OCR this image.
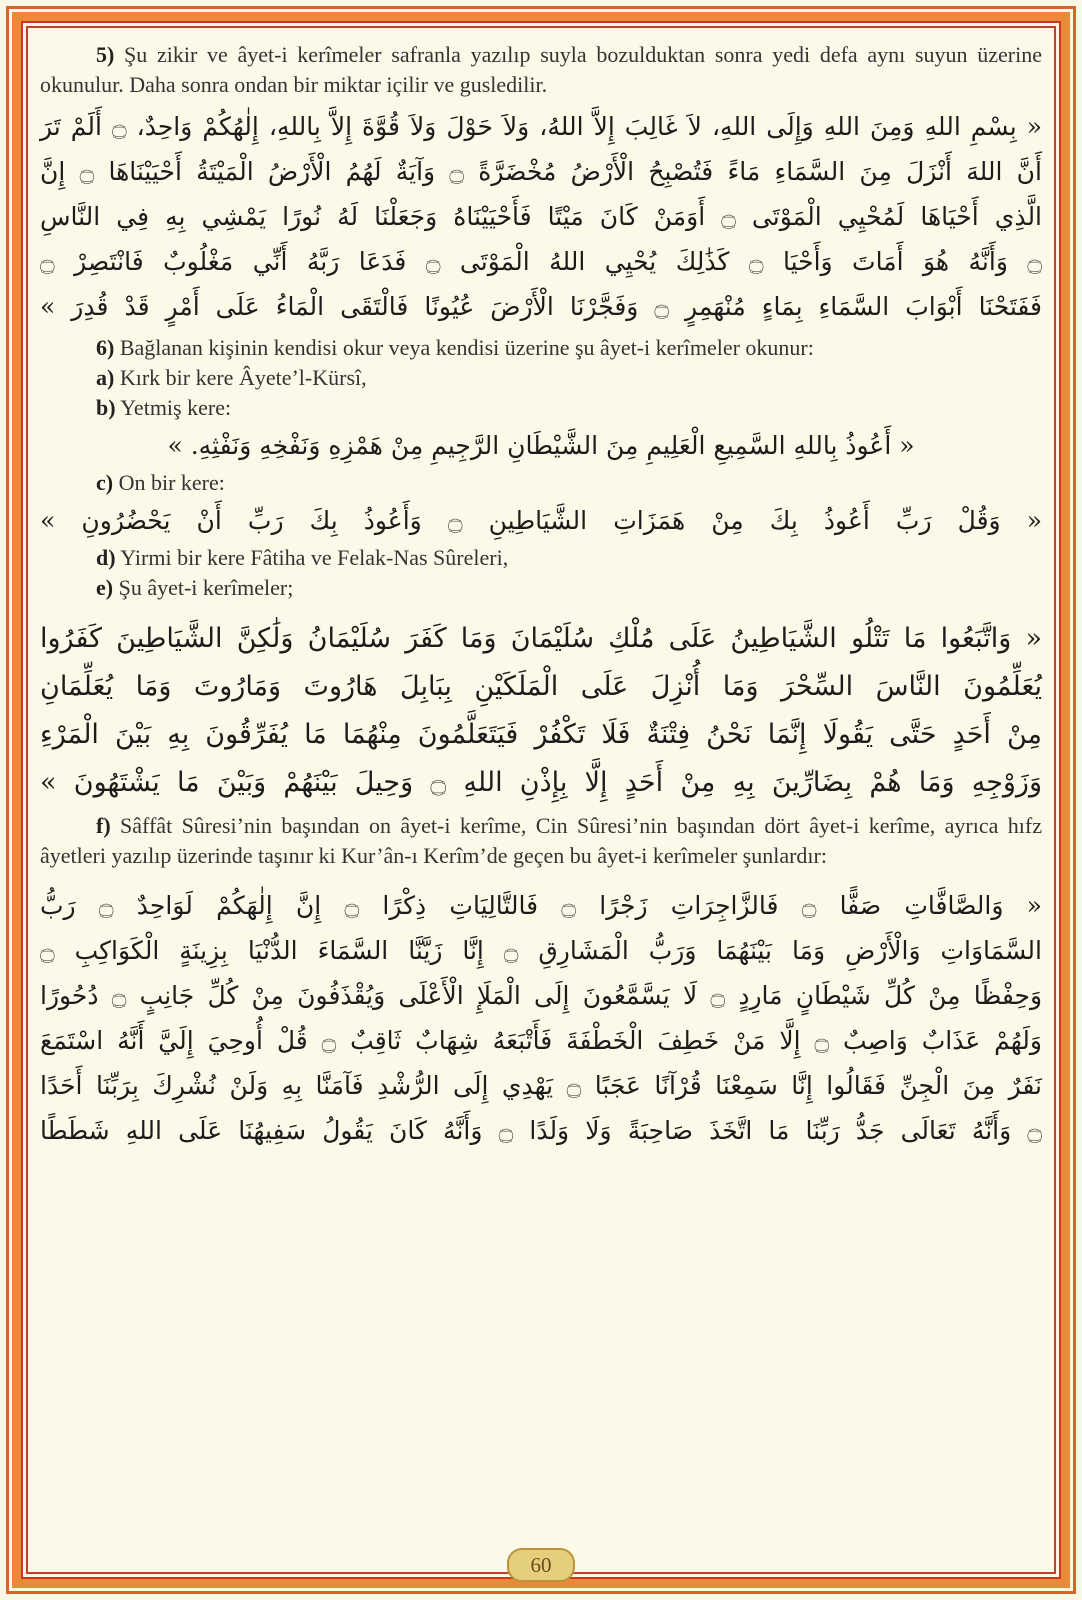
5) Şu zikir ve âyet-i kerîmeler safranla yazılıp suyla bozulduktan sonra yedi defa aynı suyun üzerine okunulur. Daha sonra ondan bir miktar içilir ve gusledilir.
« بِسْمِ اللهِ وَمِنَ اللهِ وَإِلَى اللهِ، لاَ غَالِبَ إِلاَّ اللهُ، وَلاَ حَوْلَ وَلاَ قُوَّةَ إِلاَّ بِاللهِ، إِلٰهُكُمْ وَاحِدٌ، ۝ أَلَمْ تَرَ
أَنَّ اللهَ أَنْزَلَ مِنَ السَّمَاءِ مَاءً فَتُصْبِحُ الْأَرْضُ مُخْضَرَّةً ۝ وَآيَةٌ لَهُمُ الْأَرْضُ الْمَيْتَةُ أَحْيَيْنَاهَا ۝ إِنَّ
الَّذِي أَحْيَاهَا لَمُحْيِي الْمَوْتَى ۝ أَوَمَنْ كَانَ مَيْتًا فَأَحْيَيْنَاهُ وَجَعَلْنَا لَهُ نُورًا يَمْشِي بِهِ فِي النَّاسِ
۝ وَأَنَّهُ هُوَ أَمَاتَ وَأَحْيَا ۝ كَذَٰلِكَ يُحْيِي اللهُ الْمَوْتَى ۝ فَدَعَا رَبَّهُ أَنِّي مَغْلُوبٌ فَانْتَصِرْ ۝
فَفَتَحْنَا أَبْوَابَ السَّمَاءِ بِمَاءٍ مُنْهَمِرٍ ۝ وَفَجَّرْنَا الْأَرْضَ عُيُونًا فَالْتَقَى الْمَاءُ عَلَى أَمْرٍ قَدْ قُدِرَ »
6) Bağlanan kişinin kendisi okur veya kendisi üzerine şu âyet-i kerîmeler okunur:
a) Kırk bir kere Âyete’l-Kürsî,
b) Yetmiş kere:
« أَعُوذُ بِاللهِ السَّمِيعِ الْعَلِيمِ مِنَ الشَّيْطَانِ الرَّجِيمِ مِنْ هَمْزِهِ وَنَفْخِهِ وَنَفْثِهِ. »
c) On bir kere:
« وَقُلْ رَبِّ أَعُوذُ بِكَ مِنْ هَمَزَاتِ الشَّيَاطِينِ ۝ وَأَعُوذُ بِكَ رَبِّ أَنْ يَحْضُرُونِ »
d) Yirmi bir kere Fâtiha ve Felak-Nas Sûreleri,
e) Şu âyet-i kerîmeler;
« وَاتَّبَعُوا مَا تَتْلُو الشَّيَاطِينُ عَلَى مُلْكِ سُلَيْمَانَ وَمَا كَفَرَ سُلَيْمَانُ وَلَٰكِنَّ الشَّيَاطِينَ كَفَرُوا
يُعَلِّمُونَ النَّاسَ السِّحْرَ وَمَا أُنْزِلَ عَلَى الْمَلَكَيْنِ بِبَابِلَ هَارُوتَ وَمَارُوتَ وَمَا يُعَلِّمَانِ
مِنْ أَحَدٍ حَتَّى يَقُولَا إِنَّمَا نَحْنُ فِتْنَةٌ فَلَا تَكْفُرْ فَيَتَعَلَّمُونَ مِنْهُمَا مَا يُفَرِّقُونَ بِهِ بَيْنَ الْمَرْءِ
وَزَوْجِهِ وَمَا هُمْ بِضَارِّينَ بِهِ مِنْ أَحَدٍ إِلَّا بِإِذْنِ اللهِ ۝ وَحِيلَ بَيْنَهُمْ وَبَيْنَ مَا يَشْتَهُونَ »
f) Sâffât Sûresi’nin başından on âyet-i kerîme, Cin Sûresi’nin başından dört âyet-i kerîme, ayrıca hıfz âyetleri yazılıp üzerinde taşınır ki Kur’ân-ı Kerîm’de geçen bu âyet-i kerîmeler şunlardır:
« وَالصَّافَّاتِ صَفًّا ۝ فَالزَّاجِرَاتِ زَجْرًا ۝ فَالتَّالِيَاتِ ذِكْرًا ۝ إِنَّ إِلٰهَكُمْ لَوَاحِدٌ ۝ رَبُّ
السَّمَاوَاتِ وَالْأَرْضِ وَمَا بَيْنَهُمَا وَرَبُّ الْمَشَارِقِ ۝ إِنَّا زَيَّنَّا السَّمَاءَ الدُّنْيَا بِزِينَةٍ الْكَوَاكِبِ ۝
وَحِفْظًا مِنْ كُلِّ شَيْطَانٍ مَارِدٍ ۝ لَا يَسَّمَّعُونَ إِلَى الْمَلَإِ الْأَعْلَى وَيُقْذَفُونَ مِنْ كُلِّ جَانِبٍ ۝ دُحُورًا
وَلَهُمْ عَذَابٌ وَاصِبٌ ۝ إِلَّا مَنْ خَطِفَ الْخَطْفَةَ فَأَتْبَعَهُ شِهَابٌ ثَاقِبٌ ۝ قُلْ أُوحِيَ إِلَيَّ أَنَّهُ اسْتَمَعَ
نَفَرٌ مِنَ الْجِنِّ فَقَالُوا إِنَّا سَمِعْنَا قُرْآنًا عَجَبًا ۝ يَهْدِي إِلَى الرُّشْدِ فَآمَنَّا بِهِ وَلَنْ نُشْرِكَ بِرَبِّنَا أَحَدًا
۝ وَأَنَّهُ تَعَالَى جَدُّ رَبِّنَا مَا اتَّخَذَ صَاحِبَةً وَلَا وَلَدًا ۝ وَأَنَّهُ كَانَ يَقُولُ سَفِيهُنَا عَلَى اللهِ شَطَطًا
60
